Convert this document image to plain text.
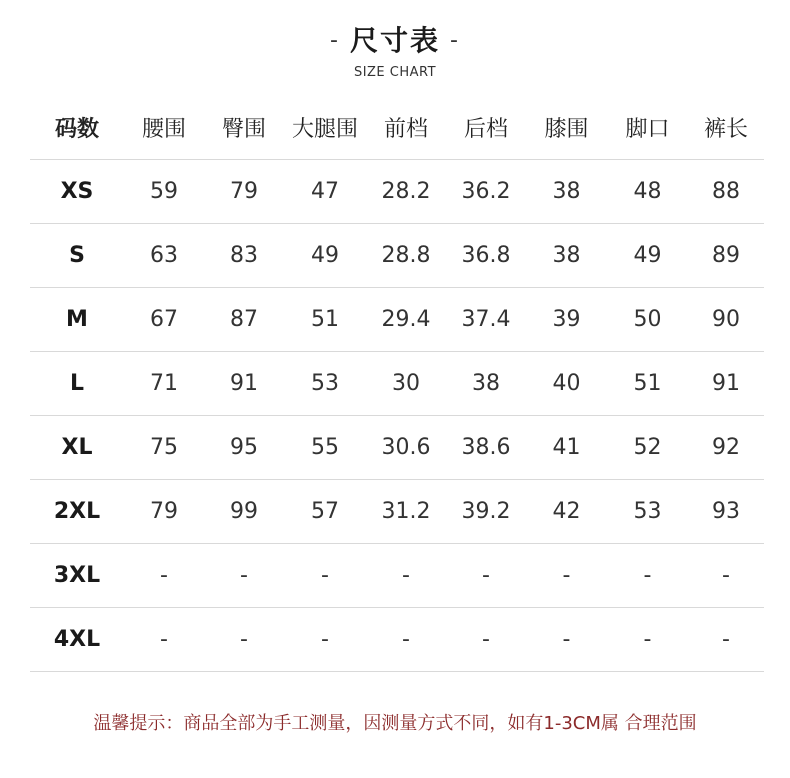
- 尺寸表 -
SIZE CHART
码数	腰围	臀围	大腿围	前档	后档	膝围	脚口	裤长
XS	59	79	47	28.2	36.2	38	48	88
S	63	83	49	28.8	36.8	38	49	89
M	67	87	51	29.4	37.4	39	50	90
L	71	91	53	30	38	40	51	91
XL	75	95	55	30.6	38.6	41	52	92
2XL	79	99	57	31.2	39.2	42	53	93
3XL	-	-	-	-	-	-	-	-
4XL	-	-	-	-	-	-	-	-
温馨提示：商品全部为手工测量，因测量方式不同，如有1-3CM属 合理范围
